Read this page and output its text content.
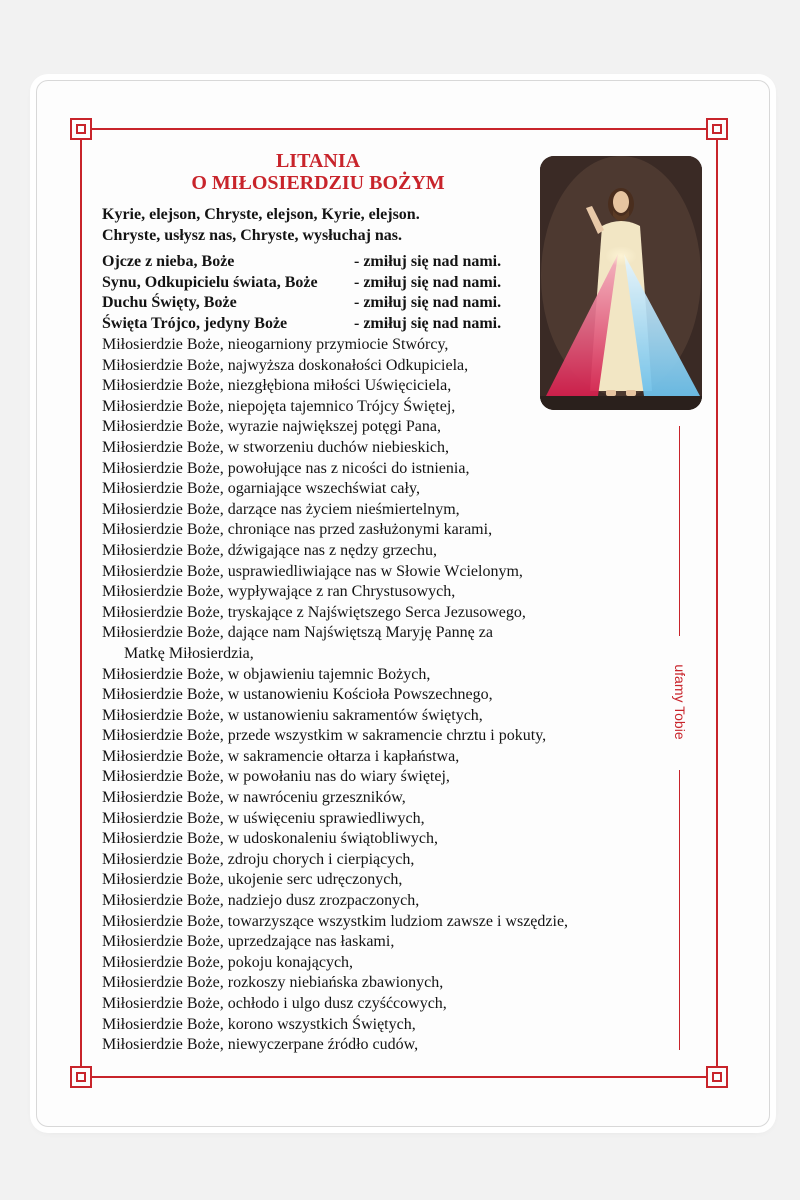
LITANIA
O MIŁOSIERDZIU BOŻYM
Kyrie, elejson, Chryste, elejson, Kyrie, elejson.
Chryste, usłysz nas, Chryste, wysłuchaj nas.
Ojcze z nieba, Boże	- zmiłuj się nad nami.
Synu, Odkupicielu świata, Boże - zmiłuj się nad nami.
Duchu Święty, Boże	- zmiłuj się nad nami.
Święta Trójco, jedyny Boże	- zmiłuj się nad nami.
Miłosierdzie Boże, nieogarniony przymiocie Stwórcy,
Miłosierdzie Boże, najwyższa doskonałości Odkupiciela,
Miłosierdzie Boże, niezgłębiona miłości Uświęciciela,
Miłosierdzie Boże, niepojęta tajemnico Trójcy Świętej,
Miłosierdzie Boże, wyrazie największej potęgi Pana,
Miłosierdzie Boże, w stworzeniu duchów niebieskich,
Miłosierdzie Boże, powołujące nas z nicości do istnienia,
Miłosierdzie Boże, ogarniające wszechświat cały,
Miłosierdzie Boże, darzące nas życiem nieśmiertelnym,
Miłosierdzie Boże, chroniące nas przed zasłużonymi karami,
Miłosierdzie Boże, dźwigające nas z nędzy grzechu,
Miłosierdzie Boże, usprawiedliwiające nas w Słowie Wcielonym,
Miłosierdzie Boże, wypływające z ran Chrystusowych,
Miłosierdzie Boże, tryskające z Najświętszego Serca Jezusowego,
Miłosierdzie Boże, dające nam Najświętszą Maryję Pannę za
Matkę Miłosierdzia,
Miłosierdzie Boże, w objawieniu tajemnic Bożych,
Miłosierdzie Boże, w ustanowieniu Kościoła Powszechnego,
Miłosierdzie Boże, w ustanowieniu sakramentów świętych,
Miłosierdzie Boże, przede wszystkim w sakramencie chrztu i pokuty,
Miłosierdzie Boże, w sakramencie ołtarza i kapłaństwa,
Miłosierdzie Boże, w powołaniu nas do wiary świętej,
Miłosierdzie Boże, w nawróceniu grzeszników,
Miłosierdzie Boże, w uświęceniu sprawiedliwych,
Miłosierdzie Boże, w udoskonaleniu świątobliwych,
Miłosierdzie Boże, zdroju chorych i cierpiących,
Miłosierdzie Boże, ukojenie serc udręczonych,
Miłosierdzie Boże, nadziejo dusz zrozpaczonych,
Miłosierdzie Boże, towarzyszące wszystkim ludziom zawsze i wszędzie,
Miłosierdzie Boże, uprzedzające nas łaskami,
Miłosierdzie Boże, pokoju konających,
Miłosierdzie Boże, rozkoszy niebiańska zbawionych,
Miłosierdzie Boże, ochłodo i ulgo dusz czyśćcowych,
Miłosierdzie Boże, korono wszystkich Świętych,
Miłosierdzie Boże, niewyczerpane źródło cudów,
ufamy Tobie
